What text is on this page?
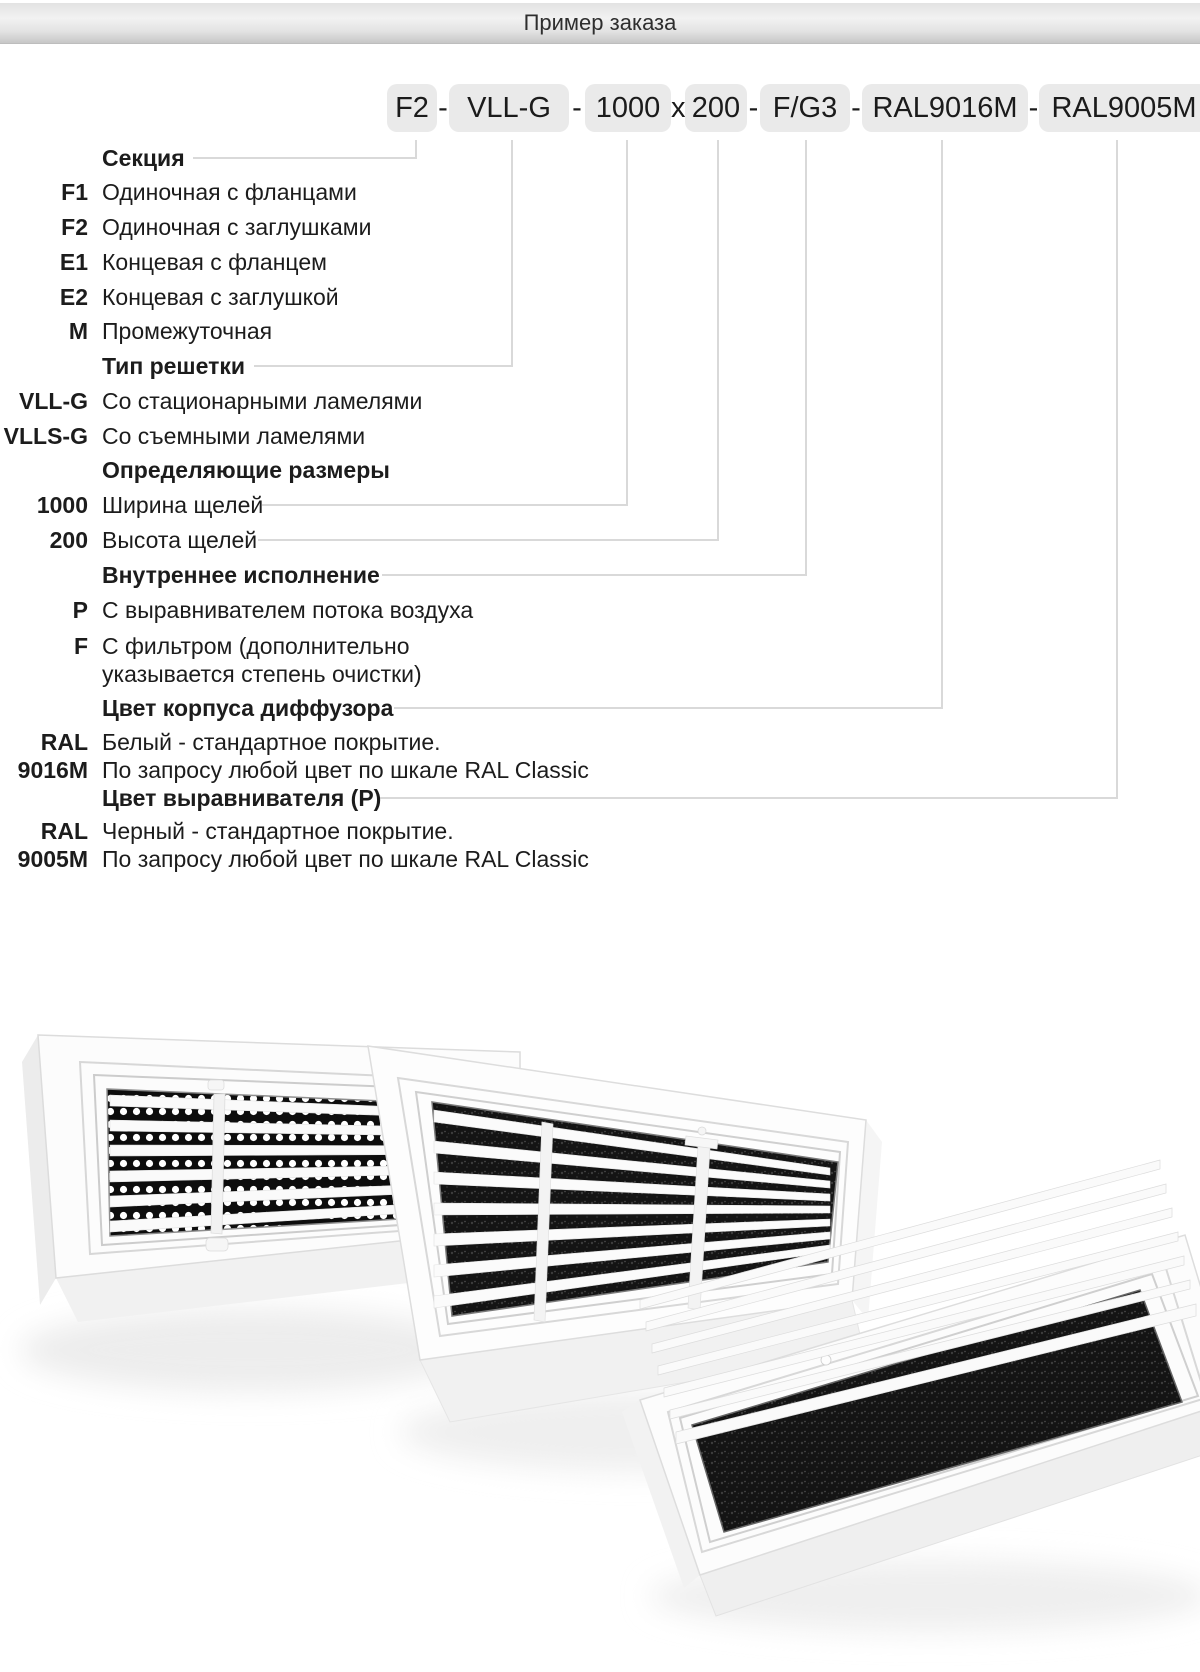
Пример заказа
F2 - VLL-G - 1000 x 200 - F/G3 - RAL9016M - RAL9005M
Секция
F1 Одиночная с фланцами
F2 Одиночная с заглушками
E1 Концевая с фланцем
E2 Концевая с заглушкой
M Промежуточная
Тип решетки
VLL-G Со стационарными ламелями
VLLS-G Со съемными ламелями
Определяющие размеры
1000 Ширина щелей
200 Высота щелей
Внутреннее исполнение
P С выравнивателем потока воздуха
F С фильтром (дополнительно
указывается степень очистки)
Цвет корпуса диффузора
RAL
9016M
Белый - стандартное покрытие.
По запросу любой цвет по шкале RAL Classic
Цвет выравнивателя (P)
RAL
9005M
Черный - стандартное покрытие.
По запросу любой цвет по шкале RAL Classic
